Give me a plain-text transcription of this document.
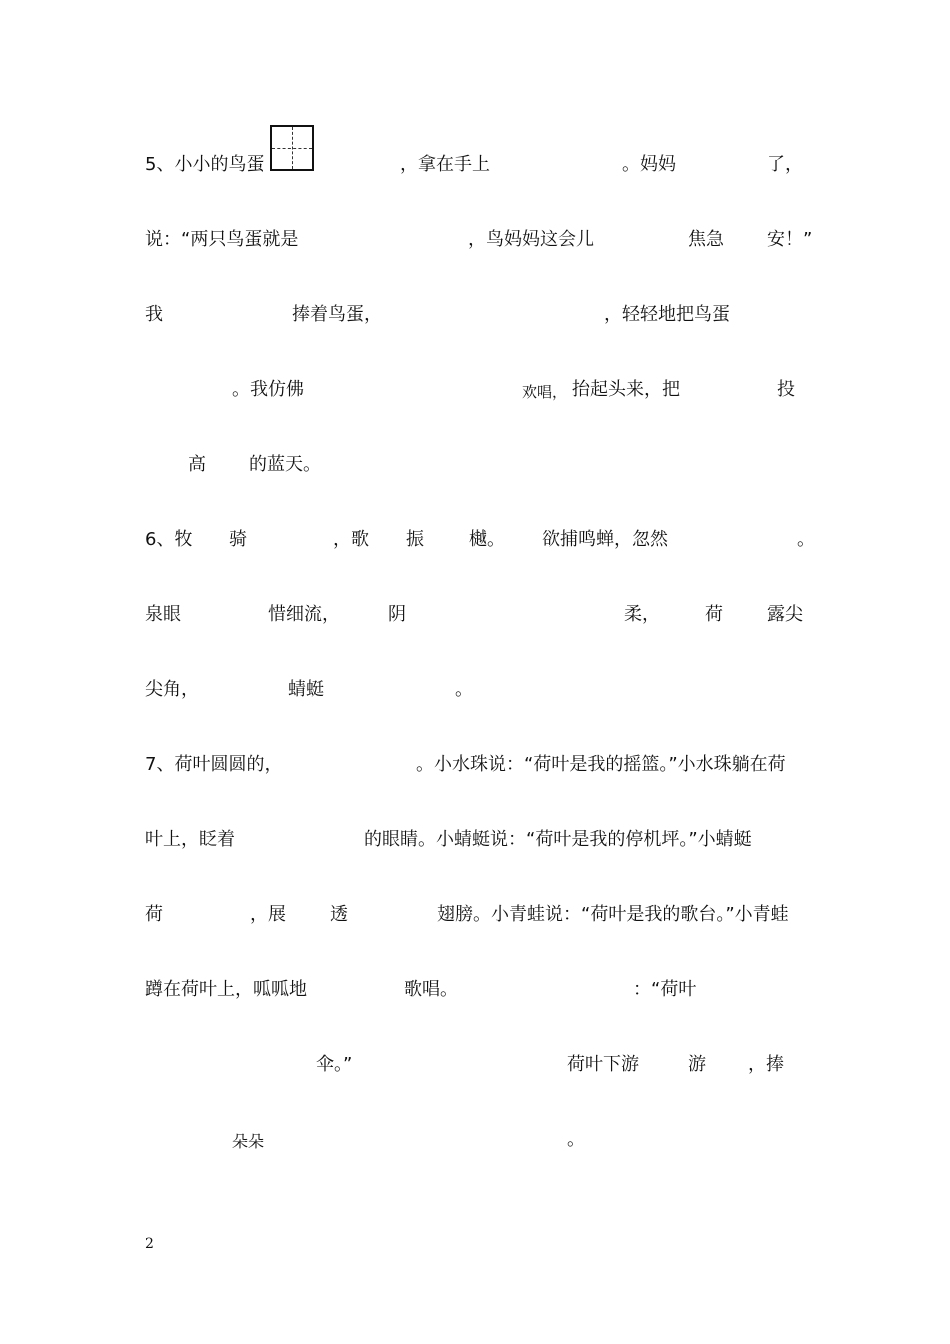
5、小小的鸟蛋	，拿在手上	。妈妈	了，
说：“两只鸟蛋就是	，鸟妈妈这会儿	焦急 安！”
我	捧着鸟蛋，	，轻轻地把鸟蛋
。我仿佛	欢唱， 抬起头来，把	投
高 的蓝天。
6、牧 骑	，歌 振	樾。 欲捕鸣蝉，忽然	。
泉眼	惜细流，	阴	柔，	荷 露尖
尖角，	蜻蜓	。
7、荷叶圆圆的，	。小水珠说：“荷叶是我的摇篮。”小水珠躺在荷
叶上，眨着	的眼睛。小蜻蜓说：“荷叶是我的停机坪。”小蜻蜓
荷	，展 透	翅膀。小青蛙说：“荷叶是我的歌台。”小青蛙
蹲在荷叶上，呱呱地	歌唱。	：“荷叶
伞。”	荷叶下游	游 ，捧
朵朵	。
2
